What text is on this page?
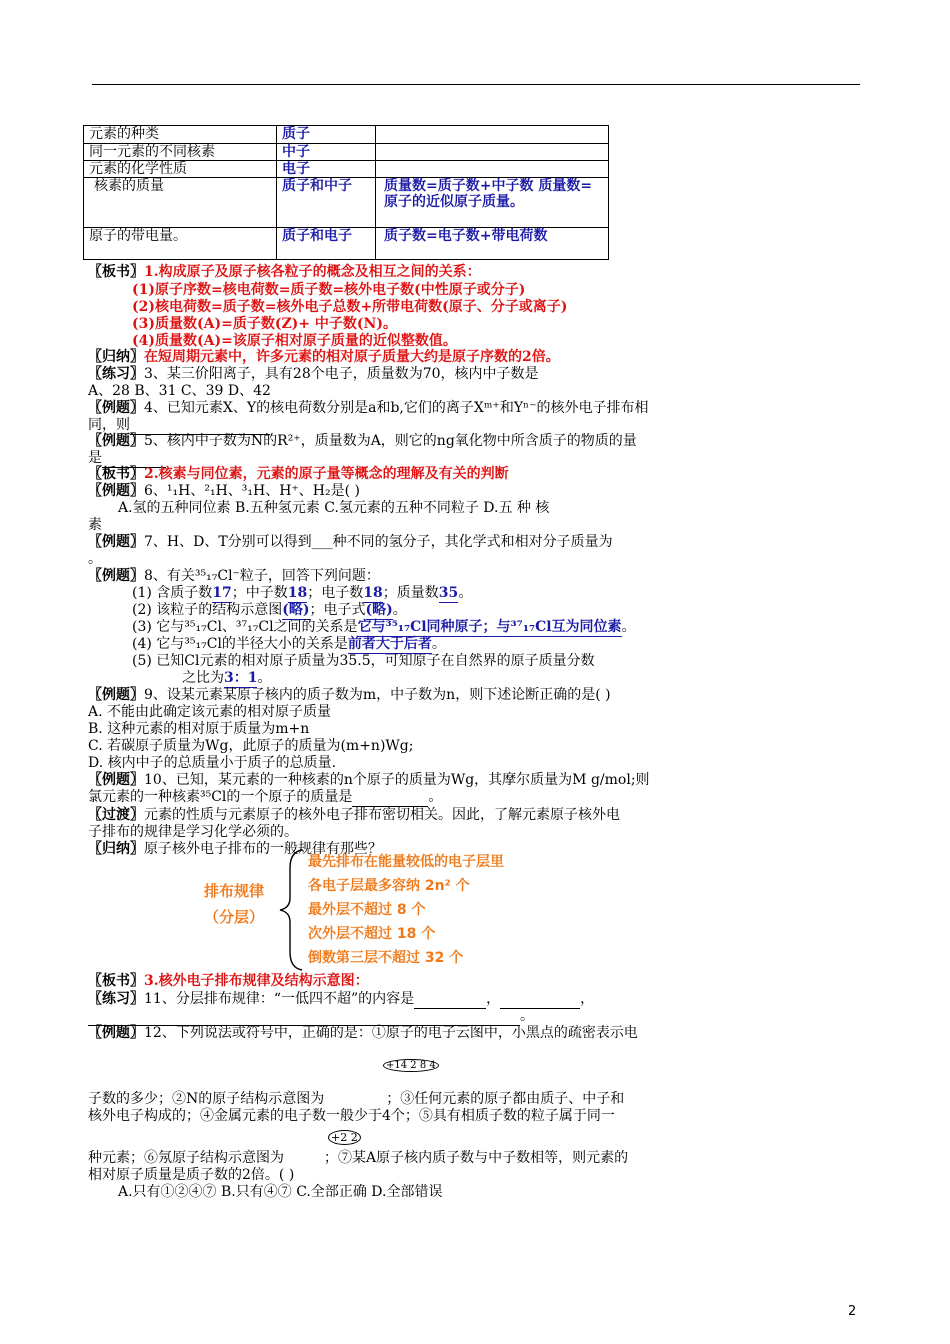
元素的种类	质子	
同一元素的不同核素	中子	
元素的化学性质	电子	
核素的质量	质子和中子	质量数=质子数+中子数 质量数=原子的近似原子质量。
原子的带电量。	质子和电子	质子数=电子数+带电荷数
〖板书〗1.构成原子及原子核各粒子的概念及相互之间的关系：
(1)原子序数=核电荷数=质子数=核外电子数(中性原子或分子)
(2)核电荷数=质子数=核外电子总数+所带电荷数(原子、分子或离子)
(3)质量数(A)=质子数(Z)+ 中子数(N)。
(4)质量数(A)=该原子相对原子质量的近似整数值。
〖归纳〗在短周期元素中，许多元素的相对原子质量大约是原子序数的2倍。
〖练习〗3、某三价阳离子，具有28个电子，质量数为70，核内中子数是
A、28 B、31 C、39 D、42
〖例题〗4、已知元素X、Y的核电荷数分别是a和b,它们的离子Xᵐ⁺和Yⁿ⁻的核外电子排布相
同，则
〖例题〗5、核内中子数为N的R²⁺，质量数为A，则它的ng氧化物中所含质子的物质的量
是
〖板书〗2.核素与同位素，元素的原子量等概念的理解及有关的判断
〖例题〗6、¹₁H、²₁H、³₁H、H⁺、H₂是( )
A.氢的五种同位素 B.五种氢元素 C.氢元素的五种不同粒子 D.五 种 核
素
〖例题〗7、H、D、T分别可以得到___种不同的氢分子，其化学式和相对分子质量为
。
〖例题〗8、有关³⁵₁₇Cl⁻粒子，回答下列问题：
(1) 含质子数17；中子数18；电子数18；质量数35。
(2) 该粒子的结构示意图(略)；电子式(略)。
(3) 它与³⁵₁₇Cl、³⁷₁₇Cl之间的关系是它与³⁵₁₇Cl同种原子；与³⁷₁₇Cl互为同位素。
(4) 它与³⁵₁₇Cl的半径大小的关系是前者大于后者。
(5) 已知Cl元素的相对原子质量为35.5，可知原子在自然界的原子质量分数
之比为3：1。
〖例题〗9、设某元素某原子核内的质子数为m，中子数为n，则下述论断正确的是( )
A. 不能由此确定该元素的相对原子质量
B. 这种元素的相对原于质量为m+n
C. 若碳原子质量为Wg，此原子的质量为(m+n)Wg;
D. 核内中子的总质量小于质子的总质量.
〖例题〗10、已知，某元素的一种核素的n个原子的质量为Wg，其摩尔质量为M g/mol;则
氯元素的一种核素³⁵Cl的一个原子的质量是	。
〖过渡〗元素的性质与元素原子的核外电子排布密切相关。因此，了解元素原子核外电
子排布的规律是学习化学必须的。
〖归纳〗原子核外电子排布的一般规律有那些？
排布规律
（分层）
最先排布在能量较低的电子层里
各电子层最多容纳 2n² 个
最外层不超过 8 个
次外层不超过 18 个
倒数第三层不超过 32 个
〖板书〗3.核外电子排布规律及结构示意图：
〖练习〗11、分层排布规律：“一低四不超”的内容是	，	，
。
〖例题〗12、下列说法或符号中，正确的是：①原子的电子云图中，小黑点的疏密表示电
+14 2 8 4
子数的多少；②N的原子结构示意图为	；③任何元素的原子都由质子、中子和
核外电子构成的；④金属元素的电子数一般少于4个；⑤具有相质子数的粒子属于同一
+2 2
种元素；⑥氖原子结构示意图为	；⑦某A原子核内质子数与中子数相等，则元素的
相对原子质量是质子数的2倍。( )
A.只有①②④⑦ B.只有④⑦ C.全部正确 D.全部错误
2
